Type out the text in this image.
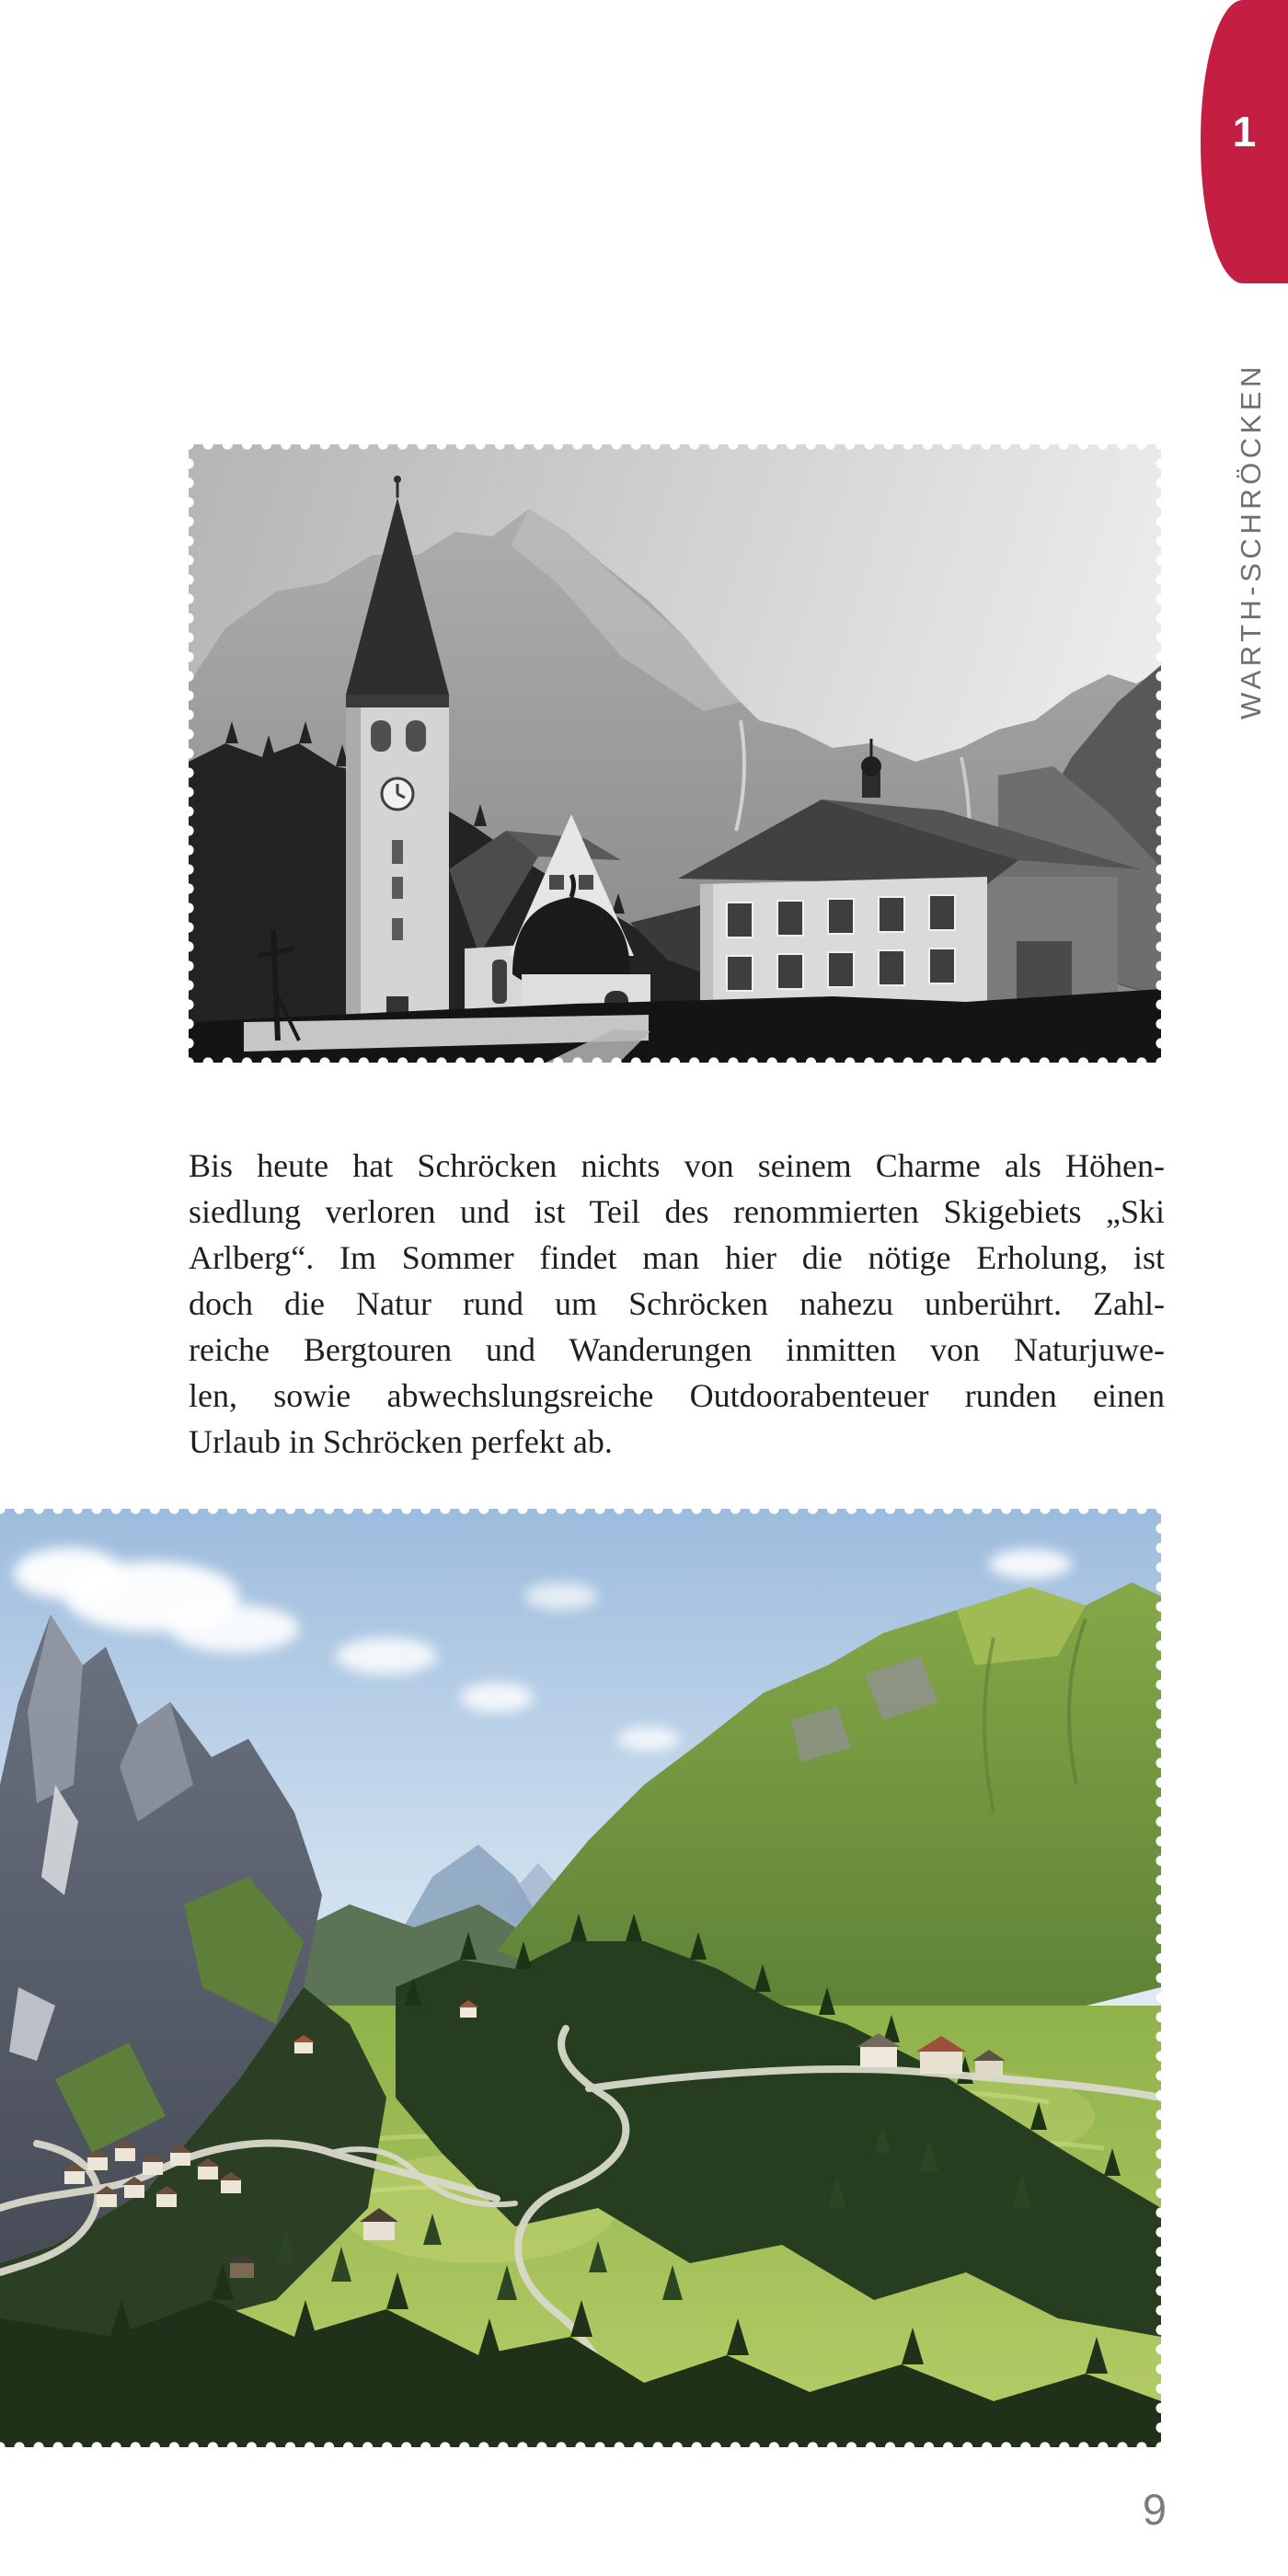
1
WARTH-SCHRÖCKEN
Bis heute hat Schröcken nichts von seinem Charme als Höhen-
siedlung verloren und ist Teil des renommierten Skigebiets „Ski
Arlberg“. Im Sommer findet man hier die nötige Erholung, ist
doch die Natur rund um Schröcken nahezu unberührt. Zahl-
reiche Bergtouren und Wanderungen inmitten von Naturjuwe-
len, sowie abwechslungsreiche Outdoorabenteuer runden einen
Urlaub in Schröcken perfekt ab.
9
